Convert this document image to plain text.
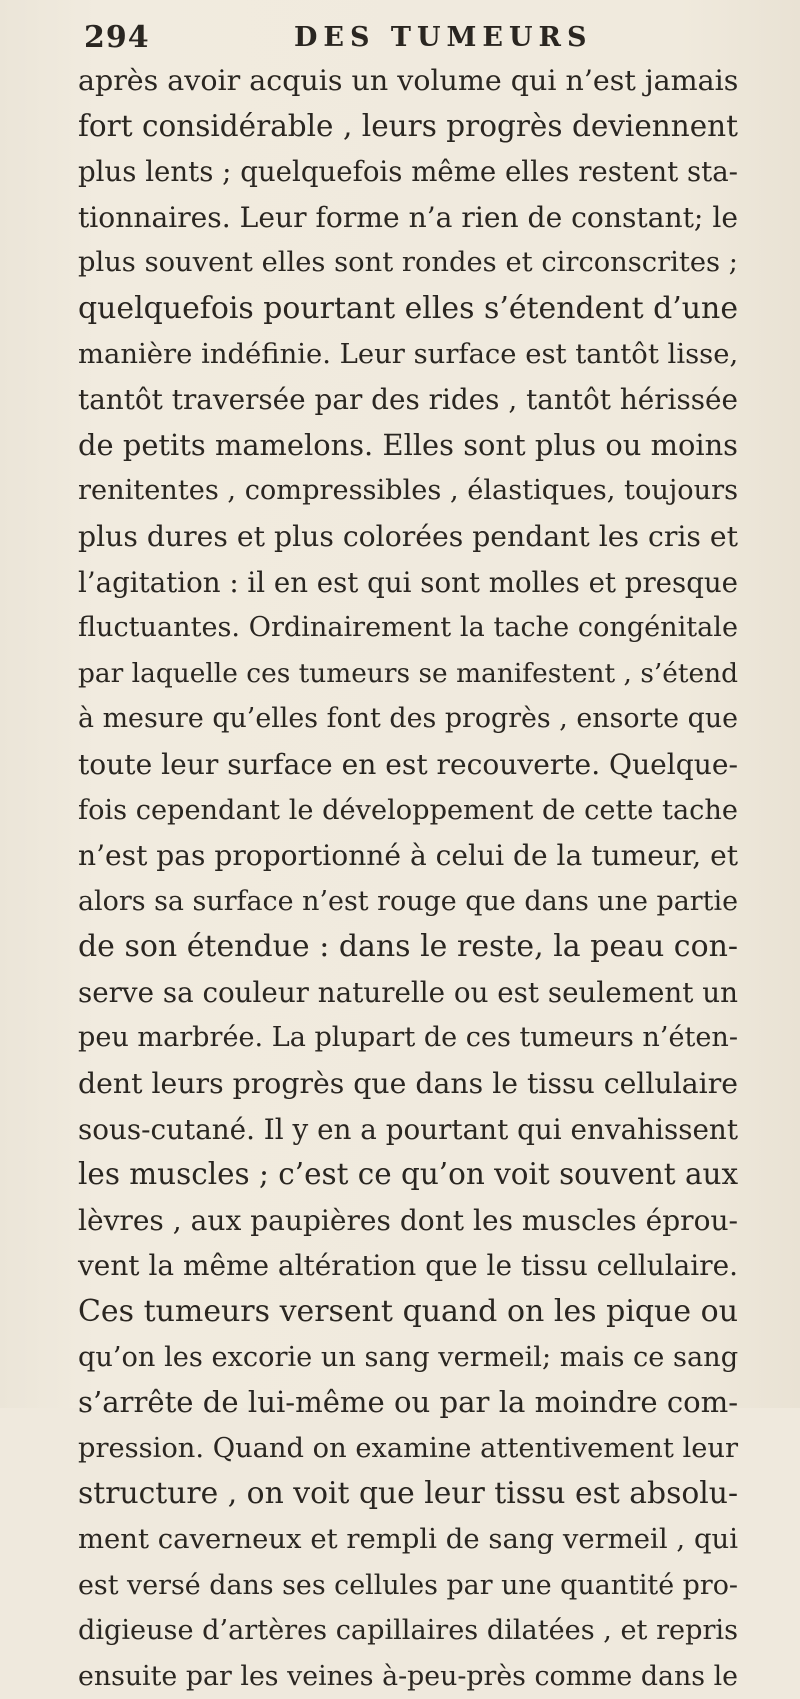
294	DES TUMEURS
après avoir acquis un volume qui n’est jamais
fort considérable , leurs progrès deviennent
plus lents ; quelquefois même elles restent sta-
tionnaires. Leur forme n’a rien de constant; le
plus souvent elles sont rondes et circonscrites ;
quelquefois pourtant elles s’étendent d’une
manière indéfinie. Leur surface est tantôt lisse,
tantôt traversée par des rides , tantôt hérissée
de petits mamelons. Elles sont plus ou moins
renitentes , compressibles , élastiques, toujours
plus dures et plus colorées pendant les cris et
l’agitation : il en est qui sont molles et presque
fluctuantes. Ordinairement la tache congénitale
par laquelle ces tumeurs se manifestent , s’étend
à mesure qu’elles font des progrès , ensorte que
toute leur surface en est recouverte. Quelque-
fois cependant le développement de cette tache
n’est pas proportionné à celui de la tumeur, et
alors sa surface n’est rouge que dans une partie
de son étendue : dans le reste, la peau con-
serve sa couleur naturelle ou est seulement un
peu marbrée. La plupart de ces tumeurs n’éten-
dent leurs progrès que dans le tissu cellulaire
sous-cutané. Il y en a pourtant qui envahissent
les muscles ; c’est ce qu’on voit souvent aux
lèvres , aux paupières dont les muscles éprou-
vent la même altération que le tissu cellulaire.
Ces tumeurs versent quand on les pique ou
qu’on les excorie un sang vermeil; mais ce sang
s’arrête de lui-même ou par la moindre com-
pression. Quand on examine attentivement leur
structure , on voit que leur tissu est absolu-
ment caverneux et rempli de sang vermeil , qui
est versé dans ses cellules par une quantité pro-
digieuse d’artères capillaires dilatées , et repris
ensuite par les veines à-peu-près comme dans le
